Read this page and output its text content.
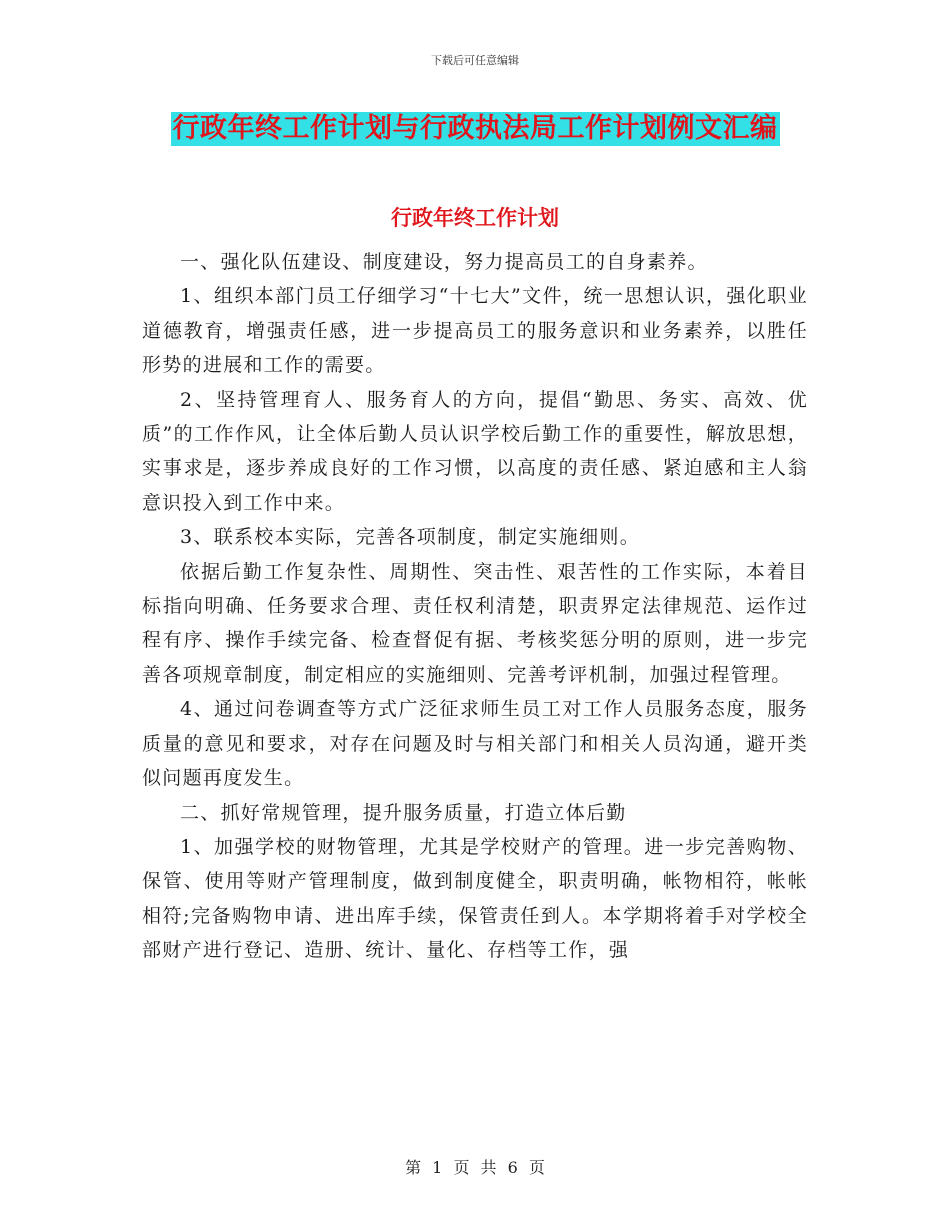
下载后可任意编辑
行政年终工作计划与行政执法局工作计划例文汇编
行政年终工作计划

一、强化队伍建设、制度建设，努力提高员工的自身素养。

1、组织本部门员工仔细学习“十七大”文件，统一思想认识，强化职业道德教育，增强责任感，进一步提高员工的服务意识和业务素养，以胜任形势的进展和工作的需要。

2、坚持管理育人、服务育人的方向，提倡“勤思、务实、高效、优质”的工作作风，让全体后勤人员认识学校后勤工作的重要性，解放思想，实事求是，逐步养成良好的工作习惯，以高度的责任感、紧迫感和主人翁意识投入到工作中来。

3、联系校本实际，完善各项制度，制定实施细则。

依据后勤工作复杂性、周期性、突击性、艰苦性的工作实际，本着目标指向明确、任务要求合理、责任权利清楚，职责界定法律规范、运作过程有序、操作手续完备、检查督促有据、考核奖惩分明的原则，进一步完善各项规章制度，制定相应的实施细则、完善考评机制，加强过程管理。

4、通过问卷调查等方式广泛征求师生员工对工作人员服务态度，服务质量的意见和要求，对存在问题及时与相关部门和相关人员沟通，避开类似问题再度发生。

二、抓好常规管理，提升服务质量，打造立体后勤

1、加强学校的财物管理，尤其是学校财产的管理。进一步完善购物、保管、使用等财产管理制度，做到制度健全，职责明确，帐物相符，帐帐相符;完备购物申请、进出库手续，保管责任到人。本学期将着手对学校全部财产进行登记、造册、统计、量化、存档等工作，强

第 1 页 共 6 页
